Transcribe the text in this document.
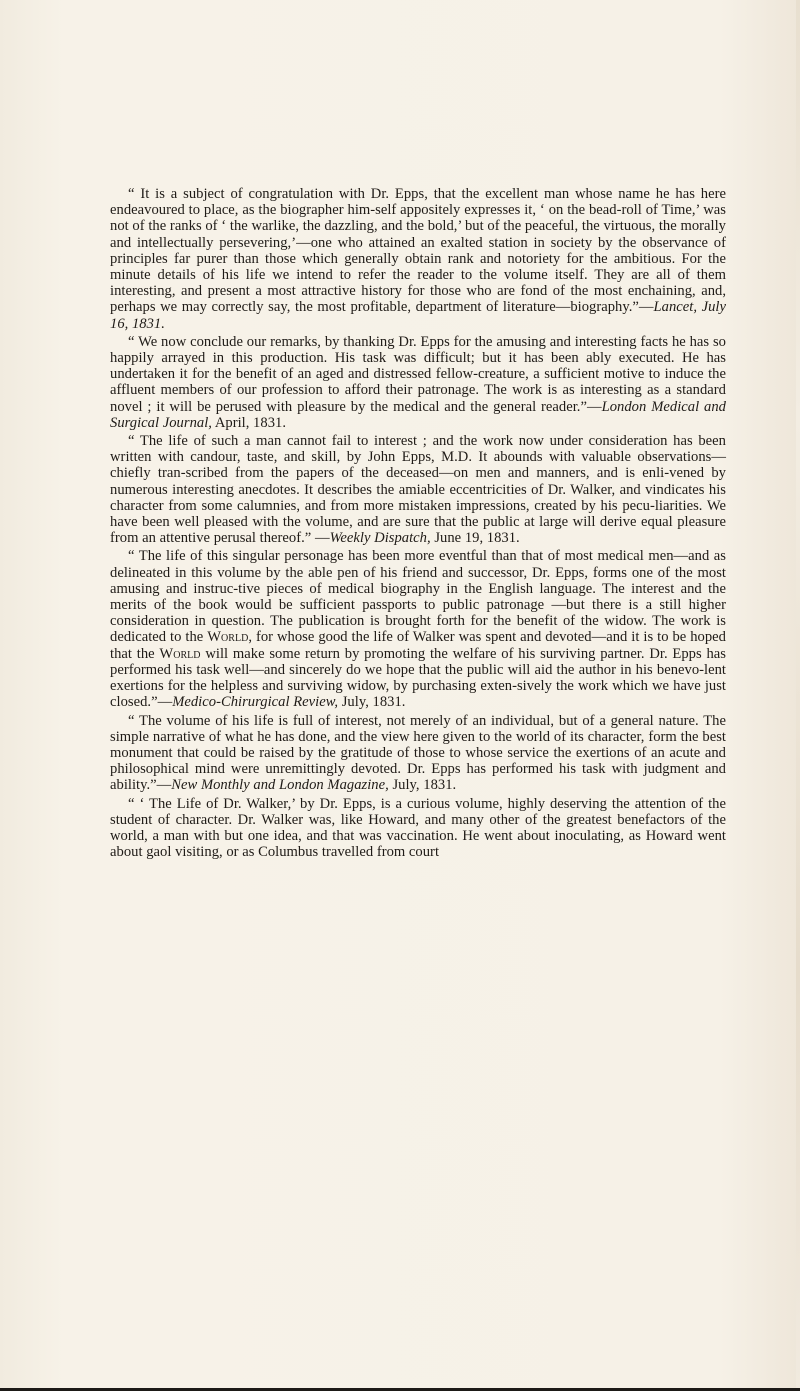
“ It is a subject of congratulation with Dr. Epps, that the excellent man whose name he has here endeavoured to place, as the biographer him-self appositely expresses it, ‘ on the bead-roll of Time,’ was not of the ranks of ‘ the warlike, the dazzling, and the bold,’ but of the peaceful, the virtuous, the morally and intellectually persevering,’—one who attained an exalted station in society by the observance of principles far purer than those which generally obtain rank and notoriety for the ambitious. For the minute details of his life we intend to refer the reader to the volume itself. They are all of them interesting, and present a most attractive history for those who are fond of the most enchaining, and, perhaps we may correctly say, the most profitable, department of literature—biography.”—Lancet, July 16, 1831.

“ We now conclude our remarks, by thanking Dr. Epps for the amusing and interesting facts he has so happily arrayed in this production. His task was difficult; but it has been ably executed. He has undertaken it for the benefit of an aged and distressed fellow-creature, a sufficient motive to induce the affluent members of our profession to afford their patronage. The work is as interesting as a standard novel ; it will be perused with pleasure by the medical and the general reader.”—London Medical and Surgical Journal, April, 1831.

“ The life of such a man cannot fail to interest ; and the work now under consideration has been written with candour, taste, and skill, by John Epps, M.D. It abounds with valuable observations—chiefly tran-scribed from the papers of the deceased—on men and manners, and is enli-vened by numerous interesting anecdotes. It describes the amiable eccentricities of Dr. Walker, and vindicates his character from some calumnies, and from more mistaken impressions, created by his pecu-liarities. We have been well pleased with the volume, and are sure that the public at large will derive equal pleasure from an attentive perusal thereof.” —Weekly Dispatch, June 19, 1831.

“ The life of this singular personage has been more eventful than that of most medical men—and as delineated in this volume by the able pen of his friend and successor, Dr. Epps, forms one of the most amusing and instruc-tive pieces of medical biography in the English language. The interest and the merits of the book would be sufficient passports to public patronage —but there is a still higher consideration in question. The publication is brought forth for the benefit of the widow. The work is dedicated to the World, for whose good the life of Walker was spent and devoted—and it is to be hoped that the World will make some return by promoting the welfare of his surviving partner. Dr. Epps has performed his task well—and sincerely do we hope that the public will aid the author in his benevo-lent exertions for the helpless and surviving widow, by purchasing exten-sively the work which we have just closed.”—Medico-Chirurgical Review, July, 1831.

“ The volume of his life is full of interest, not merely of an individual, but of a general nature. The simple narrative of what he has done, and the view here given to the world of its character, form the best monument that could be raised by the gratitude of those to whose service the exertions of an acute and philosophical mind were unremittingly devoted. Dr. Epps has performed his task with judgment and ability.”—New Monthly and London Magazine, July, 1831.

“ ‘ The Life of Dr. Walker,’ by Dr. Epps, is a curious volume, highly deserving the attention of the student of character. Dr. Walker was, like Howard, and many other of the greatest benefactors of the world, a man with but one idea, and that was vaccination. He went about inoculating, as Howard went about gaol visiting, or as Columbus travelled from court
